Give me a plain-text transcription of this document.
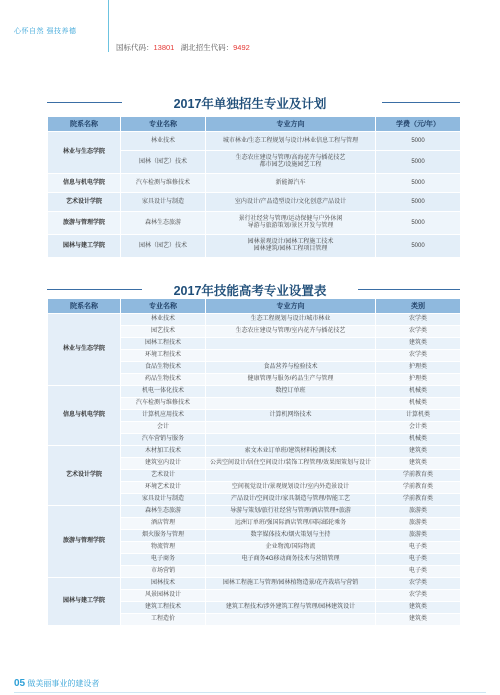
心怀自然 强技养德
国标代码：13801 湖北招生代码：9492
2017年单独招生专业及计划
院系名称	专业名称	专业方向	学费（元/年）
林业与生态学院	林业技术	城市林业/生态工程规划与设计/林业信息工程与管理	5000
	园林（园艺）技术	生态农庄建设与管理/高海花卉与插花技艺
都市园艺/设施园艺工程	5000
信息与机电学院	汽车检测与维修技术	新能源汽车	5000
艺术设计学院	家具设计与制造	室内设计/产品造型设计/文化创意产品设计	5000
旅游与管理学院	森林生态旅游	景行社经营与管理/运动保健与户外休闲
导游与旅游策划/景区开发与管理	5000
园林与建工学院	园林（园艺）技术	园林景观设计/园林工程施工技术
园林建筑/园林工程项目管理	5000
2017年技能高考专业设置表
院系名称	专业名称	专业方向	类别
林业与生态学院	林业技术	生态工程规划与设计/城市林业	农学类
	园艺技术	生态农庄建设与管理/室内花卉与插花技艺	农学类
	园林工程技术		建筑类
	环境工程技术		农学类
	食品生物技术	食品营养与检验技术	护理类
	药品生物技术	健康管理与服务/药品生产与管理	护理类
信息与机电学院	机电一体化技术	数控订单班	机械类
	汽车检测与维修技术		机械类
	计算机应用技术	计算机网络技术	计算机类
	会计		会计类
	汽车营销与服务		机械类
艺术设计学院	木材加工技术	索文木业订单班/建筑材料检测技术	建筑类
	建筑室内设计	公共空间设计/居住空间设计/装饰工程管理/效果图策划与设计	建筑类
	艺术设计		学前教育类
	环境艺术设计	空间视觉设计/景观规划设计/室内外造景设计	学前教育类
	家具设计与制造	产品设计/空间设计/家具制造与管理/智能工艺	学前教育类
旅游与管理学院	森林生态旅游	导游与策划/旅行社经营与管理/酒店管理+旅游	旅游类
	酒店管理	远洲订单班/强国际酒店管理/国际邮轮乘务	旅游类
	烟火服务与管理	数字媒体技术/烟火策划与主持	旅游类
	物流管理	企业物流/国际物流	电子类
	电子商务	电子商务4G移动商务技术与营销管理	电子类
	市场营销		电子类
园林与建工学院	园林技术	园林工程施工与管理/园林植物造景/花卉栽培与营销	农学类
	风景园林设计		农学类
	建筑工程技术	建筑工程技术/涉外建筑工程与管理/园林建筑设计	建筑类
	工程造价		建筑类
05 做美丽事业的建设者
